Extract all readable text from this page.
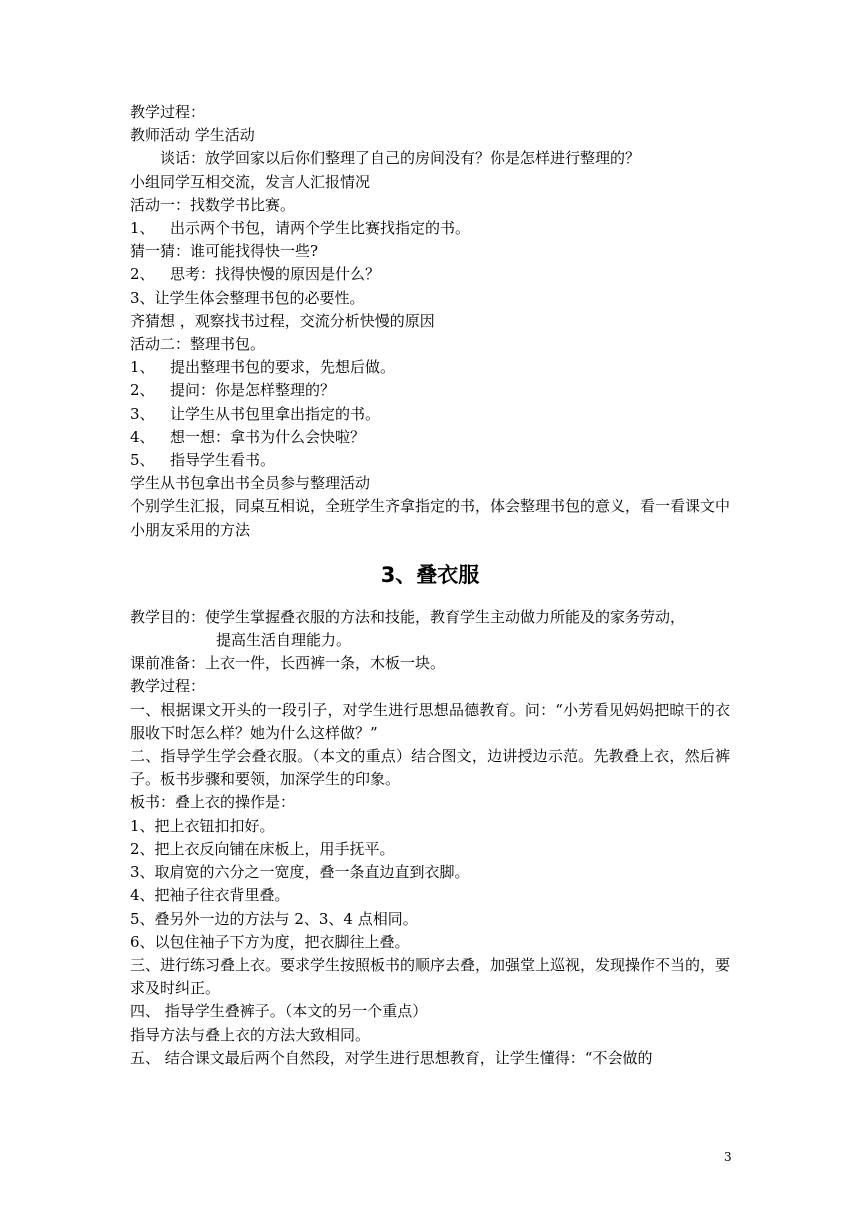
教学过程：
教师活动 学生活动
谈话：放学回家以后你们整理了自己的房间没有？你是怎样进行整理的？
小组同学互相交流，发言人汇报情况
活动一：找数学书比赛。
1、 出示两个书包，请两个学生比赛找指定的书。
猜一猜：谁可能找得快一些?
2、 思考：找得快慢的原因是什么？
3、让学生体会整理书包的必要性。
齐猜想 ，观察找书过程，交流分析快慢的原因
活动二：整理书包。
1、 提出整理书包的要求，先想后做。
2、 提问：你是怎样整理的？
3、 让学生从书包里拿出指定的书。
4、 想一想：拿书为什么会快啦？
5、 指导学生看书。
学生从书包拿出书全员参与整理活动
个别学生汇报，同桌互相说，全班学生齐拿指定的书，体会整理书包的意义，看一看课文中小朋友采用的方法
3、叠衣服
教学目的：使学生掌握叠衣服的方法和技能，教育学生主动做力所能及的家务劳动，
提高生活自理能力。
课前准备：上衣一件，长西裤一条，木板一块。
教学过程：
一、根据课文开头的一段引子，对学生进行思想品德教育。问：“小芳看见妈妈把晾干的衣服收下时怎么样？她为什么这样做？”
二、指导学生学会叠衣服。（本文的重点）结合图文，边讲授边示范。先教叠上衣，然后裤子。板书步骤和要领，加深学生的印象。
板书：叠上衣的操作是：
1、把上衣钮扣扣好。
2、把上衣反向铺在床板上，用手抚平。
3、取肩宽的六分之一宽度，叠一条直边直到衣脚。
4、把袖子往衣背里叠。
5、叠另外一边的方法与 2、3、4 点相同。
6、以包住袖子下方为度，把衣脚往上叠。
三、进行练习叠上衣。要求学生按照板书的顺序去叠，加强堂上巡视，发现操作不当的，要求及时纠正。
四、 指导学生叠裤子。（本文的另一个重点）
指导方法与叠上衣的方法大致相同。
五、 结合课文最后两个自然段，对学生进行思想教育，让学生懂得：“不会做的
3
